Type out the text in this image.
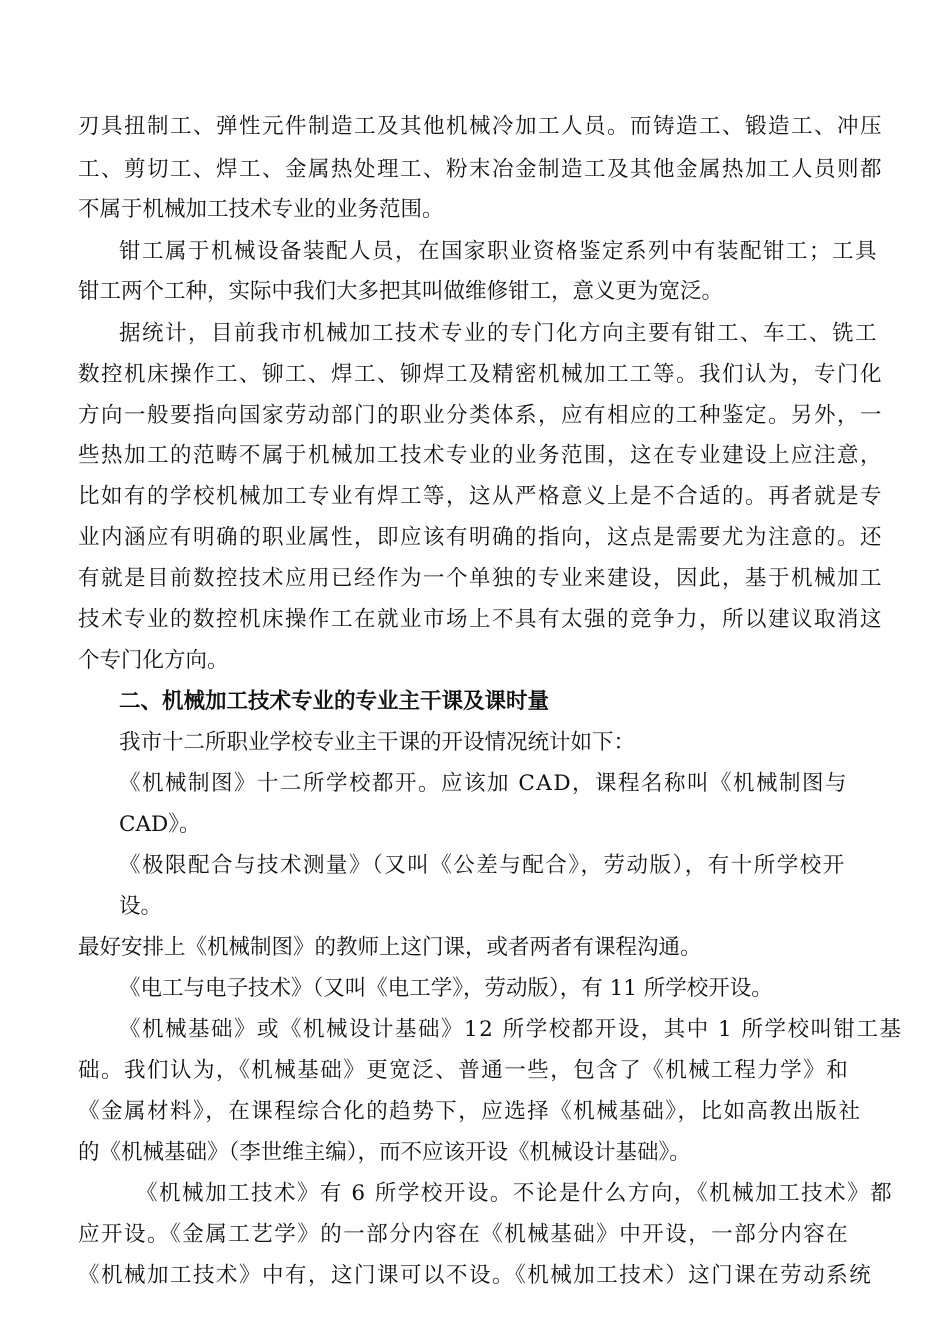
刃具扭制工、弹性元件制造工及其他机械冷加工人员。而铸造工、锻造工、冲压
工、剪切工、焊工、金属热处理工、粉末冶金制造工及其他金属热加工人员则都
不属于机械加工技术专业的业务范围。
钳工属于机械设备装配人员，在国家职业资格鉴定系列中有装配钳工；工具
钳工两个工种，实际中我们大多把其叫做维修钳工，意义更为宽泛。
据统计，目前我市机械加工技术专业的专门化方向主要有钳工、车工、铣工
数控机床操作工、铆工、焊工、铆焊工及精密机械加工工等。我们认为，专门化
方向一般要指向国家劳动部门的职业分类体系，应有相应的工种鉴定。另外，一
些热加工的范畴不属于机械加工技术专业的业务范围，这在专业建设上应注意，
比如有的学校机械加工专业有焊工等，这从严格意义上是不合适的。再者就是专
业内涵应有明确的职业属性，即应该有明确的指向，这点是需要尤为注意的。还
有就是目前数控技术应用已经作为一个单独的专业来建设，因此，基于机械加工
技术专业的数控机床操作工在就业市场上不具有太强的竞争力，所以建议取消这
个专门化方向。
二、机械加工技术专业的专业主干课及课时量
我市十二所职业学校专业主干课的开设情况统计如下：
《机械制图》十二所学校都开。应该加 CAD，课程名称叫《机械制图与
CAD》。
《极限配合与技术测量》（又叫《公差与配合》，劳动版），有十所学校开
设。
最好安排上《机械制图》的教师上这门课，或者两者有课程沟通。
《电工与电子技术》（又叫《电工学》，劳动版），有 11 所学校开设。
《机械基础》或《机械设计基础》12 所学校都开设，其中 1 所学校叫钳工基
础。我们认为，《机械基础》更宽泛、普通一些，包含了《机械工程力学》和
《金属材料》，在课程综合化的趋势下，应选择《机械基础》，比如高教出版社
的《机械基础》（李世维主编），而不应该开设《机械设计基础》。
《机械加工技术》有 6 所学校开设。不论是什么方向，《机械加工技术》都
应开设。《金属工艺学》的一部分内容在《机械基础》中开设，一部分内容在
《机械加工技术》中有，这门课可以不设。《机械加工技术）这门课在劳动系统
